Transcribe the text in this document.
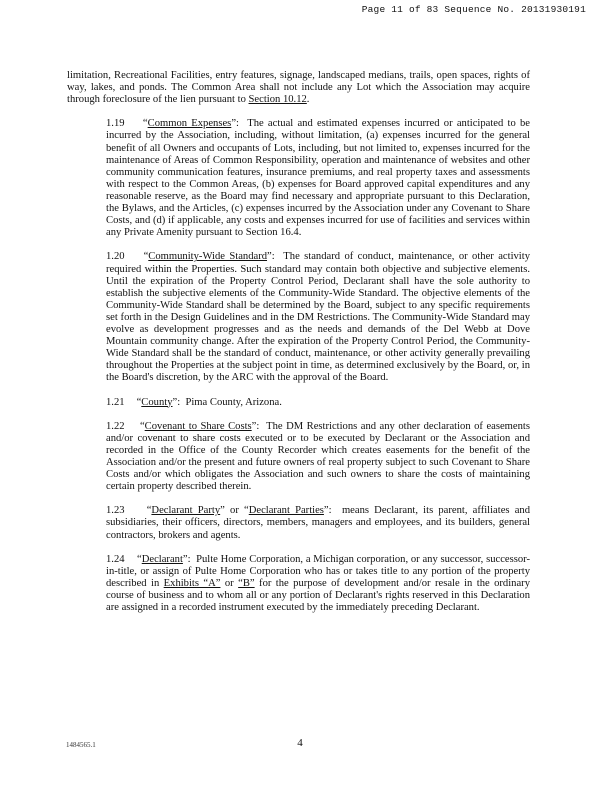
Page 11 of 83 Sequence No. 20131930191

limitation, Recreational Facilities, entry features, signage, landscaped medians, trails, open spaces, rights of way, lakes, and ponds. The Common Area shall not include any Lot which the Association may acquire through foreclosure of the lien pursuant to Section 10.12.

1.19    “Common Expenses”:  The actual and estimated expenses incurred or anticipated to be incurred by the Association, including, without limitation, (a) expenses incurred for the general benefit of all Owners and occupants of Lots, including, but not limited to, expenses incurred for the maintenance of Areas of Common Responsibility, operation and maintenance of websites and other community communication features, insurance premiums, and real property taxes and assessments with respect to the Common Areas, (b) expenses for Board approved capital expenditures and any reasonable reserve, as the Board may find necessary and appropriate pursuant to this Declaration, the Bylaws, and the Articles, (c) expenses incurred by the Association under any Covenant to Share Costs, and (d) if applicable, any costs and expenses incurred for use of facilities and services within any Private Amenity pursuant to Section 16.4.

1.20    “Community-Wide Standard”:  The standard of conduct, maintenance, or other activity required within the Properties. Such standard may contain both objective and subjective elements. Until the expiration of the Property Control Period, Declarant shall have the sole authority to establish the subjective elements of the Community-Wide Standard. The objective elements of the Community-Wide Standard shall be determined by the Board, subject to any specific requirements set forth in the Design Guidelines and in the DM Restrictions. The Community-Wide Standard may evolve as development progresses and as the needs and demands of the Del Webb at Dove Mountain community change. After the expiration of the Property Control Period, the Community-Wide Standard shall be the standard of conduct, maintenance, or other activity generally prevailing throughout the Properties at the subject point in time, as determined exclusively by the Board, or, in the Board's discretion, by the ARC with the approval of the Board.

1.21    “County”:  Pima County, Arizona.

1.22    “Covenant to Share Costs”:  The DM Restrictions and any other declaration of easements and/or covenant to share costs executed or to be executed by Declarant or the Association and recorded in the Office of the County Recorder which creates easements for the benefit of the Association and/or the present and future owners of real property subject to such Covenant to Share Costs and/or which obligates the Association and such owners to share the costs of maintaining certain property described therein.

1.23    “Declarant Party” or “Declarant Parties”:  means Declarant, its parent, affiliates and subsidiaries, their officers, directors, members, managers and employees, and its builders, general contractors, brokers and agents.

1.24    “Declarant”:  Pulte Home Corporation, a Michigan corporation, or any successor, successor-in-title, or assign of Pulte Home Corporation who has or takes title to any portion of the property described in Exhibits “A” or “B” for the purpose of development and/or resale in the ordinary course of business and to whom all or any portion of Declarant's rights reserved in this Declaration are assigned in a recorded instrument executed by the immediately preceding Declarant.

1484565.1	4
